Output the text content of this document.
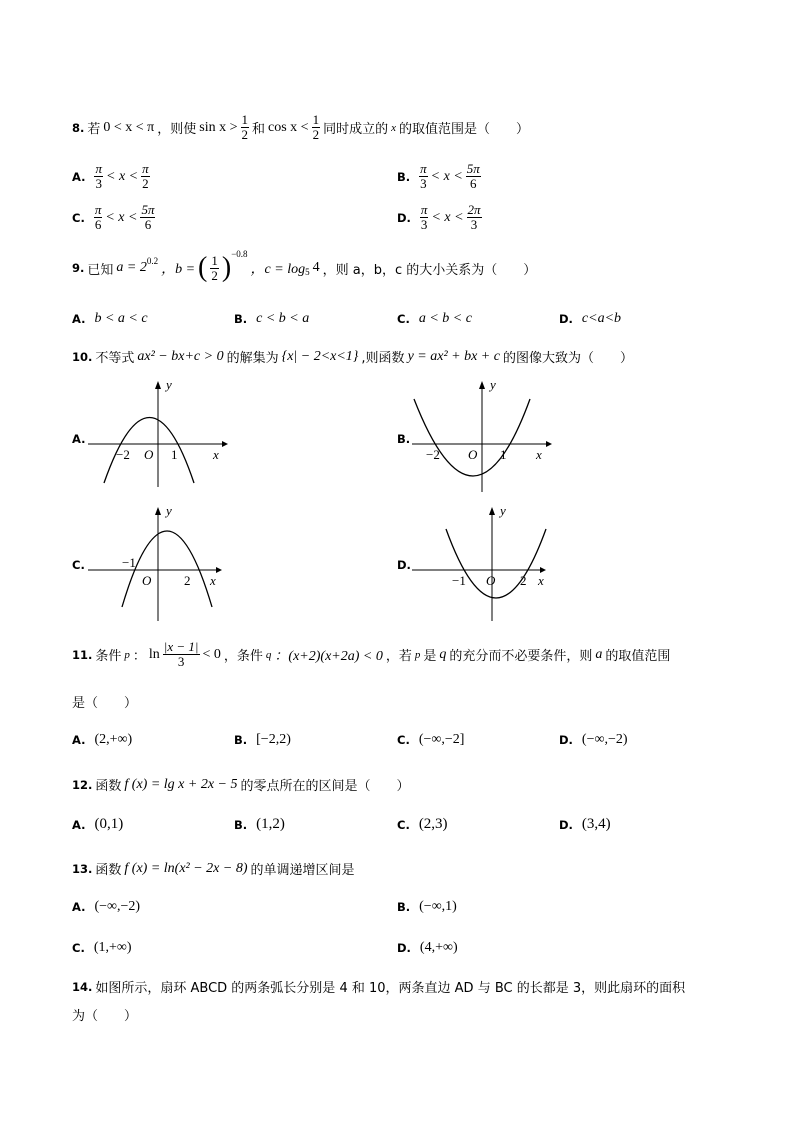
8. 若 0 < x < π ，则使 $\sin x > \frac{1}{2}$ 和 $\cos x < \frac{1}{2}$ 同时成立的 x 的取值范围是（　　）
A. $\frac{\pi}{3} < x < \frac{\pi}{2}$	B. $\frac{\pi}{3} < x < \frac{5\pi}{6}$
C. $\frac{\pi}{6} < x < \frac{5\pi}{6}$	D. $\frac{\pi}{3} < x < \frac{2\pi}{3}$
9. 已知 a = 2 0.2
，b = ( $\frac{1}{2}$ ) −0.8
，c = log 5 4 ，则 a，b，c 的大小关系为（　　）
A. b < a < c	B. c < b < a	C. a < b < c	D. c<a<b
10. 不等式 ax² − bx+c > 0 的解集为 {x| − 2<x<1} ,则函数 y = ax² + bx + c 的图像大致为（　　）
A.
−2 O 1	x
y
B.
−2 O 1 x
y
C.	−1
O	2 x
y
D.
−1 O 2 x
y
11. 条件 p ： $\ln \frac{|x - 1|}{3} < 0$ ，条件 q ：(x+2)(x+2a) < 0 ，若 p 是 q 的充分而不必要条件，则 a 的取值范围
是（　　）
A. (2,+∞)	B. [−2,2)	C. (−∞,−2]	D. (−∞,−2)
12. 函数 f (x) = lg x + 2x − 5 的零点所在的区间是（　　）
A. (0,1)	B. (1,2)	C. (2,3)	D. (3,4)
13. 函数 f (x) = ln(x² − 2x − 8) 的单调递增区间是
A. (−∞,−2)	B. (−∞,1)
C. (1,+∞)	D. (4,+∞)
14. 如图所示，扇环 ABCD 的两条弧长分别是 4 和 10，两条直边 AD 与 BC 的长都是 3，则此扇环的面积
为（　　）
